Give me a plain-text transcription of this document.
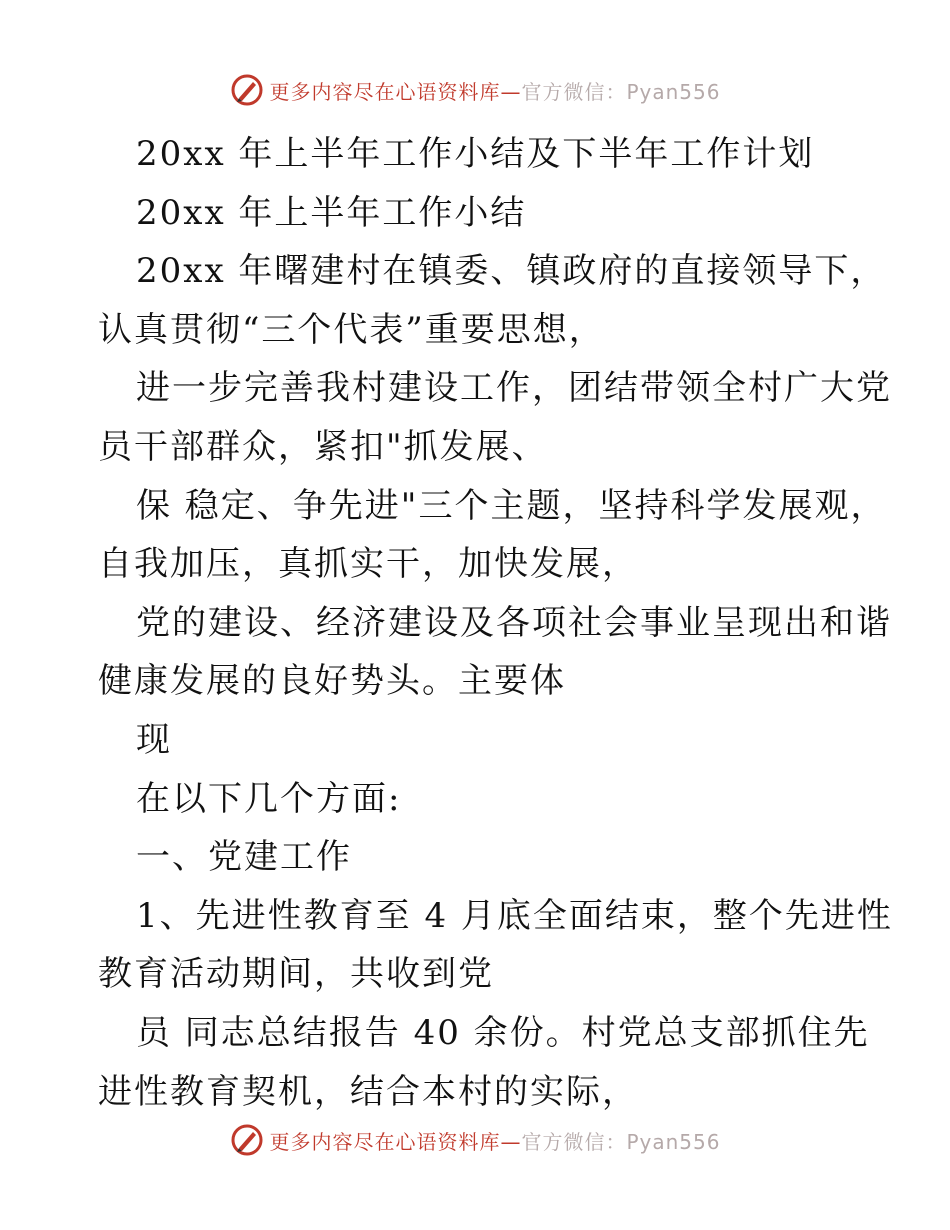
更多内容尽在心语资料库—官方微信：Pyan556
20xx 年上半年工作小结及下半年工作计划
20xx 年上半年工作小结
20xx 年曙建村在镇委、镇政府的直接领导下，
认真贯彻“三个代表”重要思想，
进一步完善我村建设工作，团结带领全村广大党
员干部群众，紧扣"抓发展、
保 稳定、争先进"三个主题，坚持科学发展观，
自我加压，真抓实干，加快发展，
党的建设、经济建设及各项社会事业呈现出和谐
健康发展的良好势头。主要体
现
在以下几个方面:
一、党建工作
1、先进性教育至 4 月底全面结束，整个先进性
教育活动期间，共收到党
员 同志总结报告 40 余份。村党总支部抓住先
进性教育契机，结合本村的实际，
更多内容尽在心语资料库—官方微信：Pyan556
